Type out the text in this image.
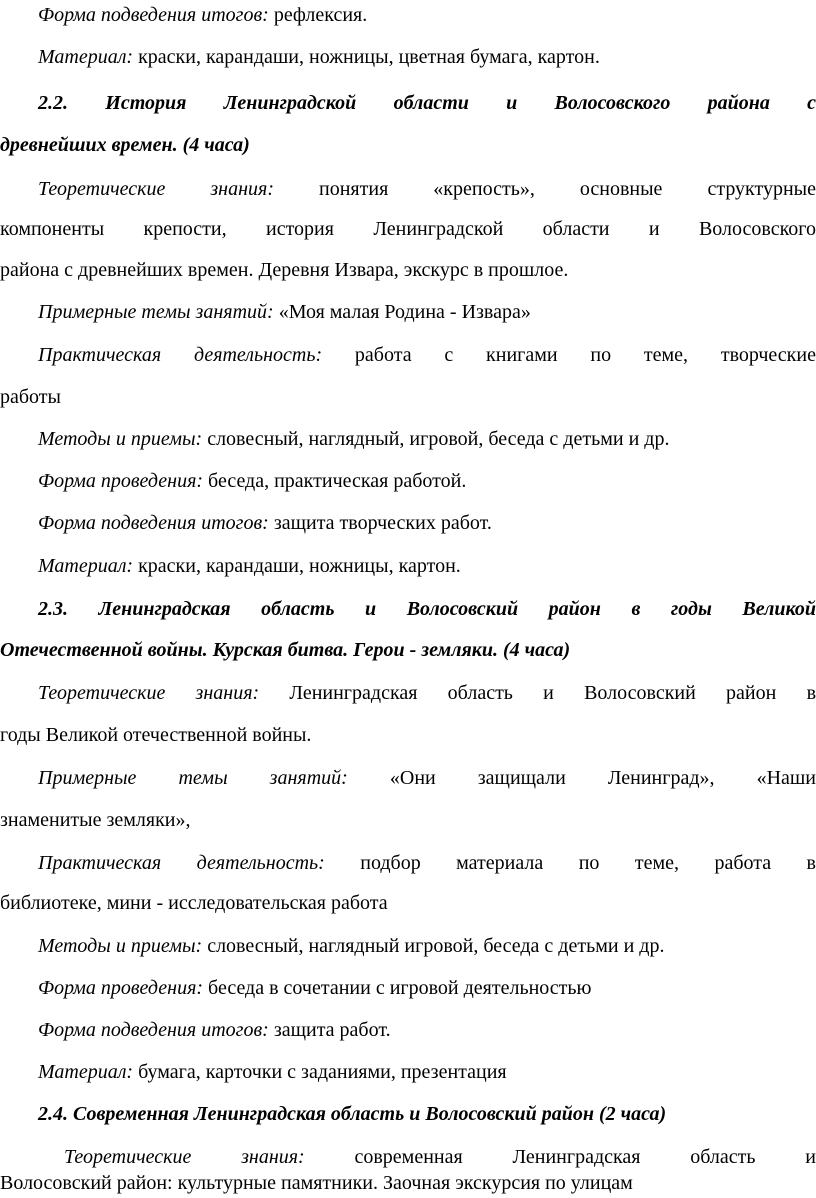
Форма подведения итогов: рефлексия.
Материал: краски, карандаши, ножницы, цветная бумага, картон.
2.2. История Ленинградской области и Волосовского района с
древнейших времен. (4 часа)
Теоретические знания: понятия «крепость», основные структурные
компоненты крепости, история Ленинградской области и Волосовского
района с древнейших времен. Деревня Извара, экскурс в прошлое.
Примерные темы занятий: «Моя малая Родина - Извара»
Практическая деятельность: работа с книгами по теме, творческие
работы
Методы и приемы: словесный, наглядный, игровой, беседа с детьми и др.
Форма проведения: беседа, практическая работой.
Форма подведения итогов: защита творческих работ.
Материал: краски, карандаши, ножницы, картон.
2.3. Ленинградская область и Волосовский район в годы Великой
Отечественной войны. Курская битва. Герои - земляки. (4 часа)
Теоретические знания: Ленинградская область и Волосовский район в
годы Великой отечественной войны.
Примерные темы занятий: «Они защищали Ленинград», «Наши
знаменитые земляки»,
Практическая деятельность: подбор материала по теме, работа в
библиотеке, мини - исследовательская работа
Методы и приемы: словесный, наглядный игровой, беседа с детьми и др.
Форма проведения: беседа в сочетании с игровой деятельностью
Форма подведения итогов: защита работ.
Материал: бумага, карточки с заданиями, презентация
2.4. Современная Ленинградская область и Волосовский район (2 часа)
Теоретические знания: современная Ленинградская область и
Волосовский район: культурные памятники. Заочная экскурсия по улицам
